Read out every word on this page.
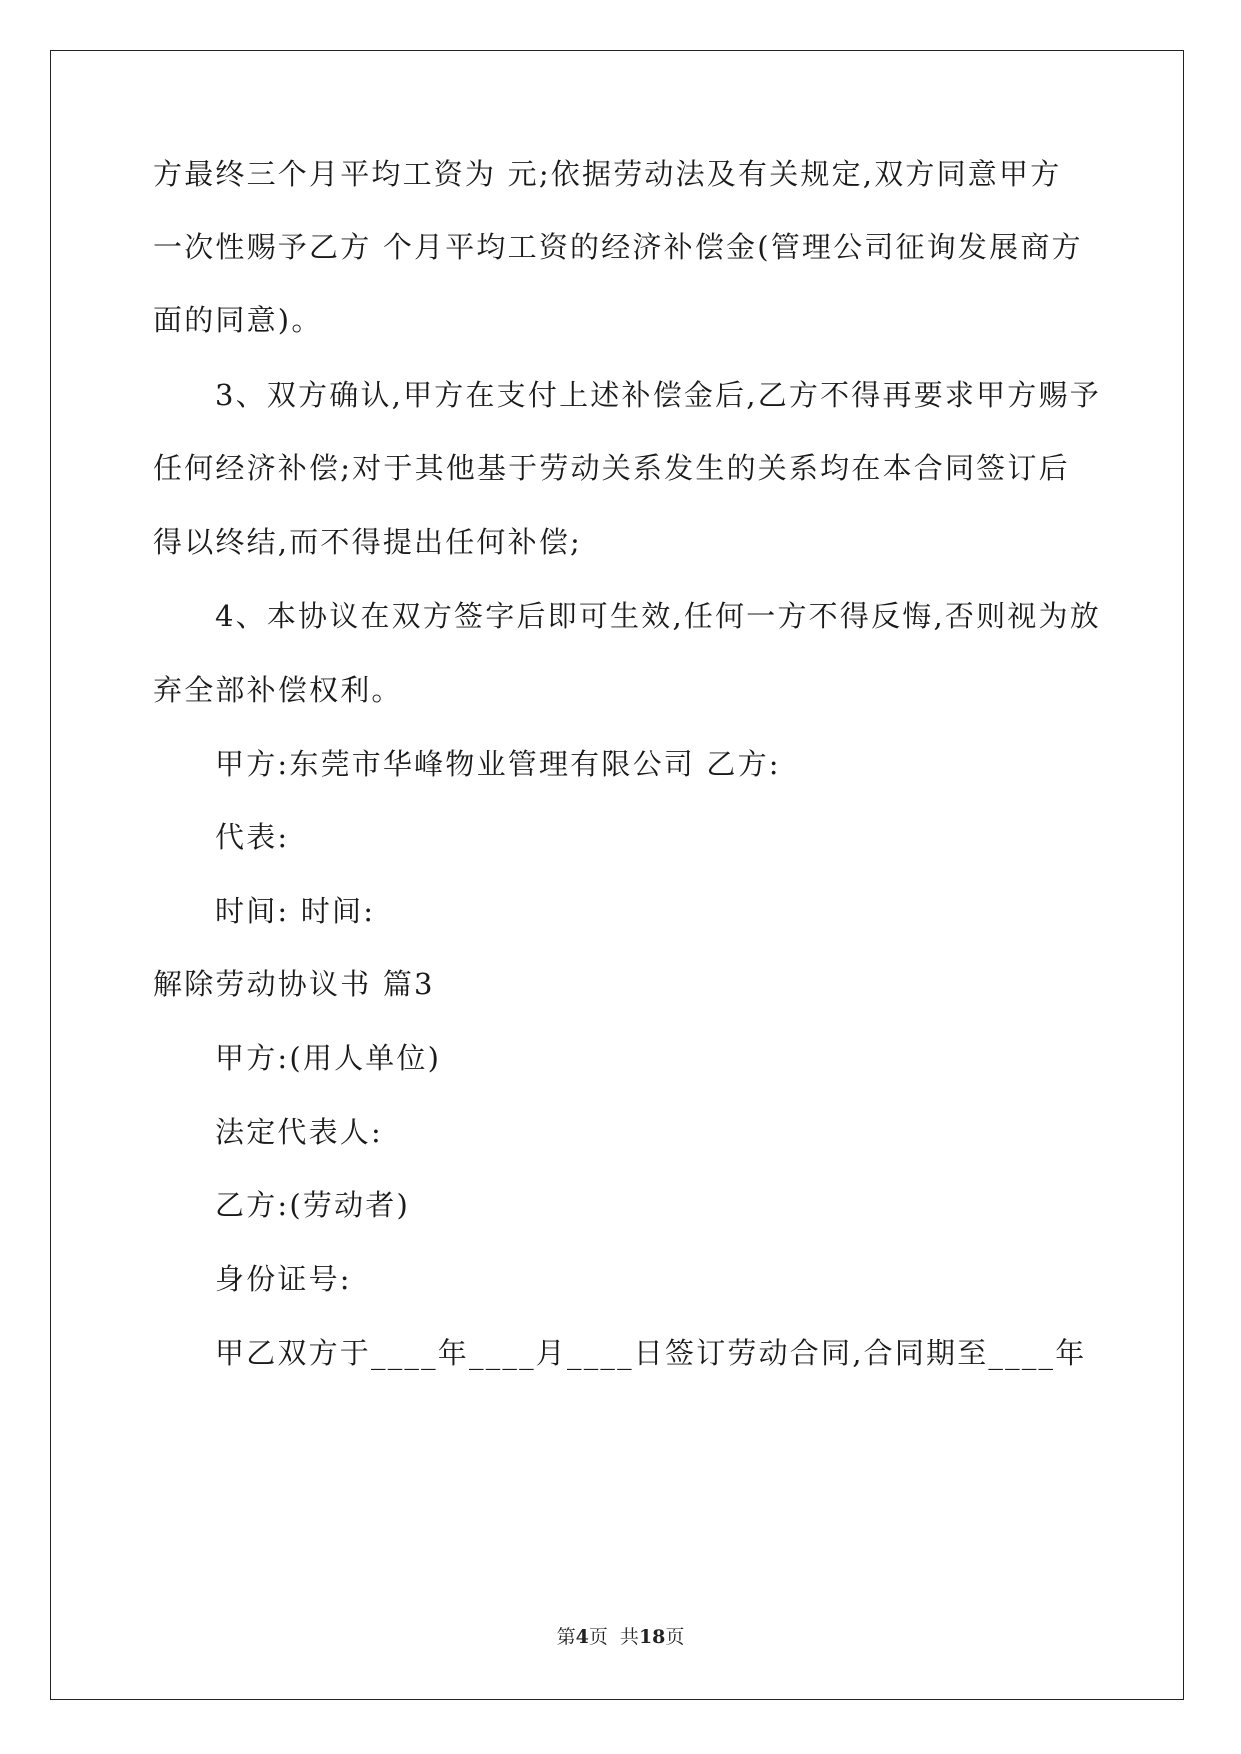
方最终三个月平均工资为 元;依据劳动法及有关规定,双方同意甲方
一次性赐予乙方 个月平均工资的经济补偿金(管理公司征询发展商方
面的同意)。
3、双方确认,甲方在支付上述补偿金后,乙方不得再要求甲方赐予
任何经济补偿;对于其他基于劳动关系发生的关系均在本合同签订后
得以终结,而不得提出任何补偿;
4、本协议在双方签字后即可生效,任何一方不得反悔,否则视为放
弃全部补偿权利。
甲方:东莞市华峰物业管理有限公司 乙方:
代表:
时间: 时间:
解除劳动协议书 篇3
甲方:(用人单位)
法定代表人:
乙方:(劳动者)
身份证号:
甲乙双方于____年____月____日签订劳动合同,合同期至____年
第4页  共18页
